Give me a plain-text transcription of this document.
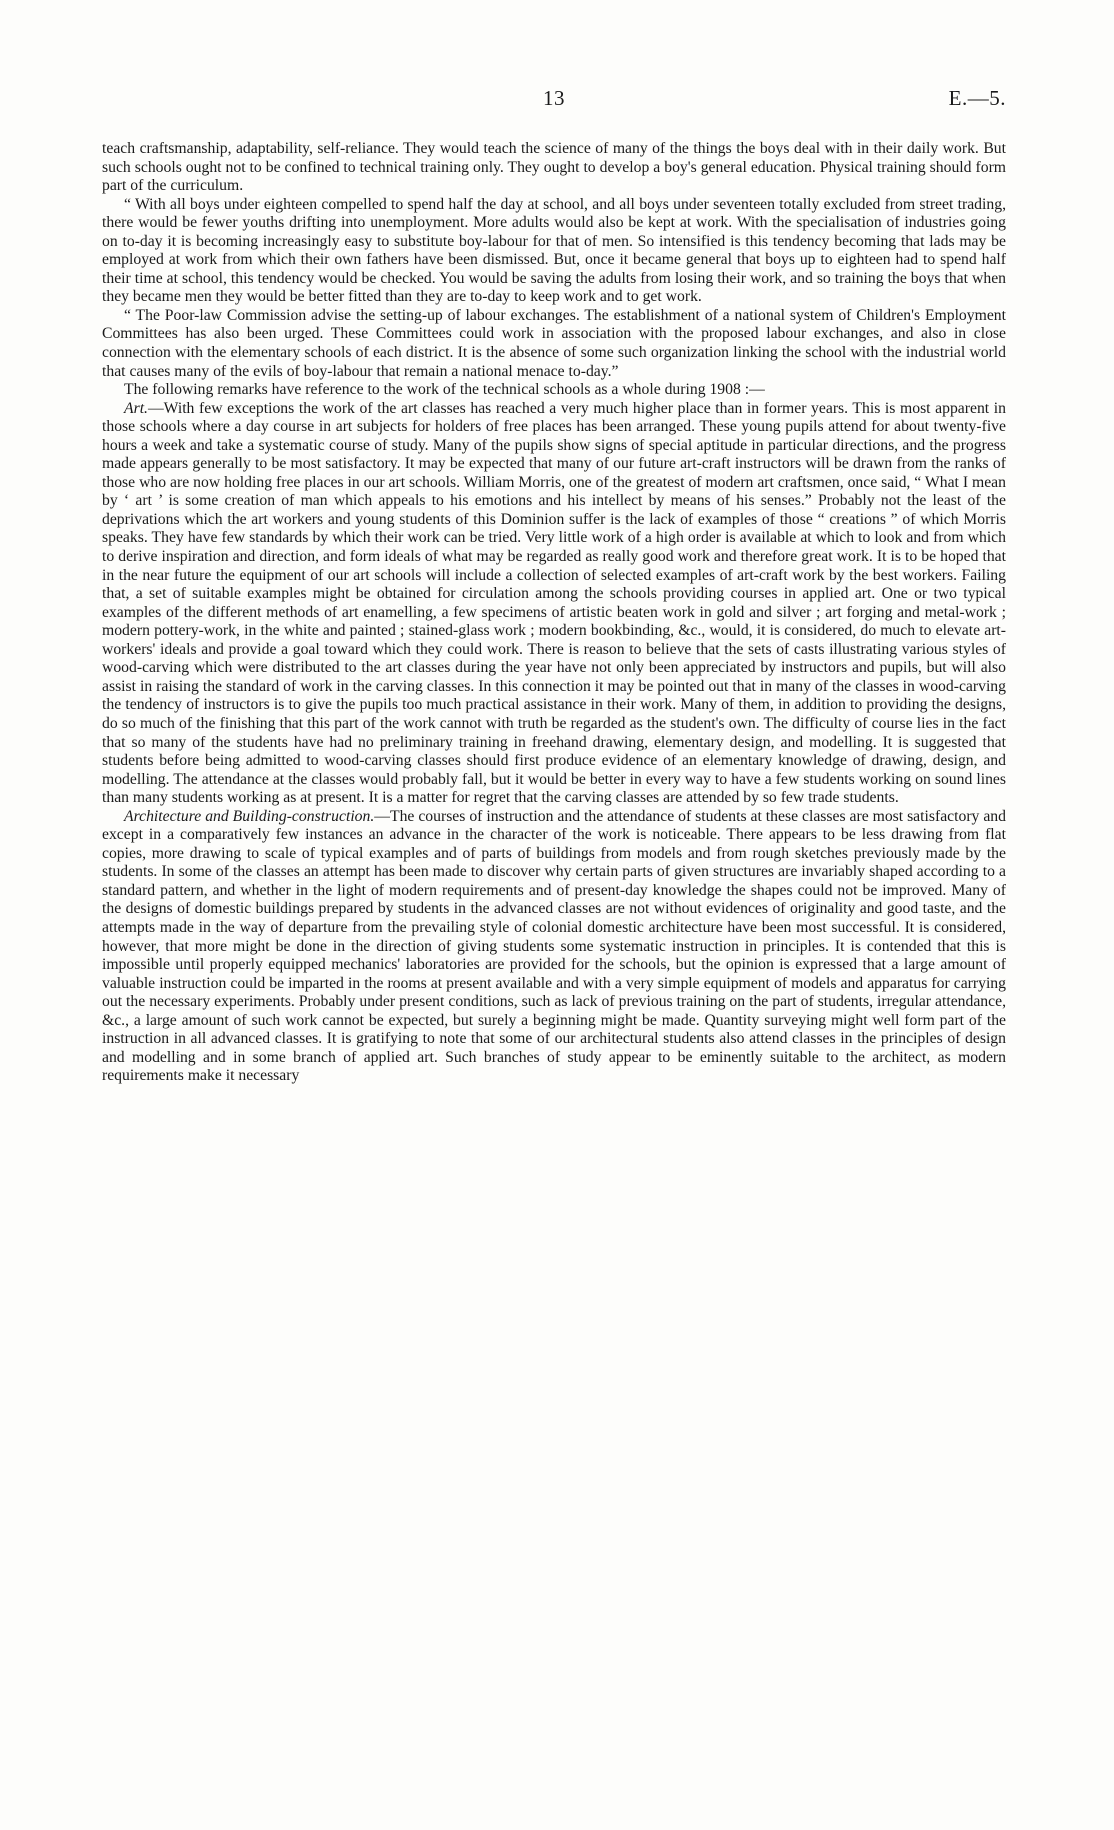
13	E.—5.

teach craftsmanship, adaptability, self-reliance. They would teach the science of many of the things the boys deal with in their daily work. But such schools ought not to be confined to technical training only. They ought to develop a boy's general education. Physical training should form part of the curriculum.

“ With all boys under eighteen compelled to spend half the day at school, and all boys under seventeen totally excluded from street trading, there would be fewer youths drifting into unemployment. More adults would also be kept at work. With the specialisation of industries going on to-day it is becoming increasingly easy to substitute boy-labour for that of men. So intensified is this tendency becoming that lads may be employed at work from which their own fathers have been dismissed. But, once it became general that boys up to eighteen had to spend half their time at school, this tendency would be checked. You would be saving the adults from losing their work, and so training the boys that when they became men they would be better fitted than they are to-day to keep work and to get work.

“ The Poor-law Commission advise the setting-up of labour exchanges. The establishment of a national system of Children's Employment Committees has also been urged. These Committees could work in association with the proposed labour exchanges, and also in close connection with the elementary schools of each district. It is the absence of some such organization linking the school with the industrial world that causes many of the evils of boy-labour that remain a national menace to-day.”

The following remarks have reference to the work of the technical schools as a whole during 1908 :—

Art.—With few exceptions the work of the art classes has reached a very much higher place than in former years. This is most apparent in those schools where a day course in art subjects for holders of free places has been arranged. These young pupils attend for about twenty-five hours a week and take a systematic course of study. Many of the pupils show signs of special aptitude in particular directions, and the progress made appears generally to be most satisfactory. It may be expected that many of our future art-craft instructors will be drawn from the ranks of those who are now holding free places in our art schools. William Morris, one of the greatest of modern art craftsmen, once said, “ What I mean by ‘ art ’ is some creation of man which appeals to his emotions and his intellect by means of his senses.” Probably not the least of the deprivations which the art workers and young students of this Dominion suffer is the lack of examples of those “ creations ” of which Morris speaks. They have few standards by which their work can be tried. Very little work of a high order is available at which to look and from which to derive inspiration and direction, and form ideals of what may be regarded as really good work and therefore great work. It is to be hoped that in the near future the equipment of our art schools will include a collection of selected examples of art-craft work by the best workers. Failing that, a set of suitable examples might be obtained for circulation among the schools providing courses in applied art. One or two typical examples of the different methods of art enamelling, a few specimens of artistic beaten work in gold and silver ; art forging and metal-work ; modern pottery-work, in the white and painted ; stained-glass work ; modern bookbinding, &c., would, it is considered, do much to elevate art-workers' ideals and provide a goal toward which they could work. There is reason to believe that the sets of casts illustrating various styles of wood-carving which were distributed to the art classes during the year have not only been appreciated by instructors and pupils, but will also assist in raising the standard of work in the carving classes. In this connection it may be pointed out that in many of the classes in wood-carving the tendency of instructors is to give the pupils too much practical assistance in their work. Many of them, in addition to providing the designs, do so much of the finishing that this part of the work cannot with truth be regarded as the student's own. The difficulty of course lies in the fact that so many of the students have had no preliminary training in freehand drawing, elementary design, and modelling. It is suggested that students before being admitted to wood-carving classes should first produce evidence of an elementary knowledge of drawing, design, and modelling. The attendance at the classes would probably fall, but it would be better in every way to have a few students working on sound lines than many students working as at present. It is a matter for regret that the carving classes are attended by so few trade students.

Architecture and Building-construction.—The courses of instruction and the attendance of students at these classes are most satisfactory and except in a comparatively few instances an advance in the character of the work is noticeable. There appears to be less drawing from flat copies, more drawing to scale of typical examples and of parts of buildings from models and from rough sketches previously made by the students. In some of the classes an attempt has been made to discover why certain parts of given structures are invariably shaped according to a standard pattern, and whether in the light of modern requirements and of present-day knowledge the shapes could not be improved. Many of the designs of domestic buildings prepared by students in the advanced classes are not without evidences of originality and good taste, and the attempts made in the way of departure from the prevailing style of colonial domestic architecture have been most successful. It is considered, however, that more might be done in the direction of giving students some systematic instruction in principles. It is contended that this is impossible until properly equipped mechanics' laboratories are provided for the schools, but the opinion is expressed that a large amount of valuable instruction could be imparted in the rooms at present available and with a very simple equipment of models and apparatus for carrying out the necessary experiments. Probably under present conditions, such as lack of previous training on the part of students, irregular attendance, &c., a large amount of such work cannot be expected, but surely a beginning might be made. Quantity surveying might well form part of the instruction in all advanced classes. It is gratifying to note that some of our architectural students also attend classes in the principles of design and modelling and in some branch of applied art. Such branches of study appear to be eminently suitable to the architect, as modern requirements make it necessary
